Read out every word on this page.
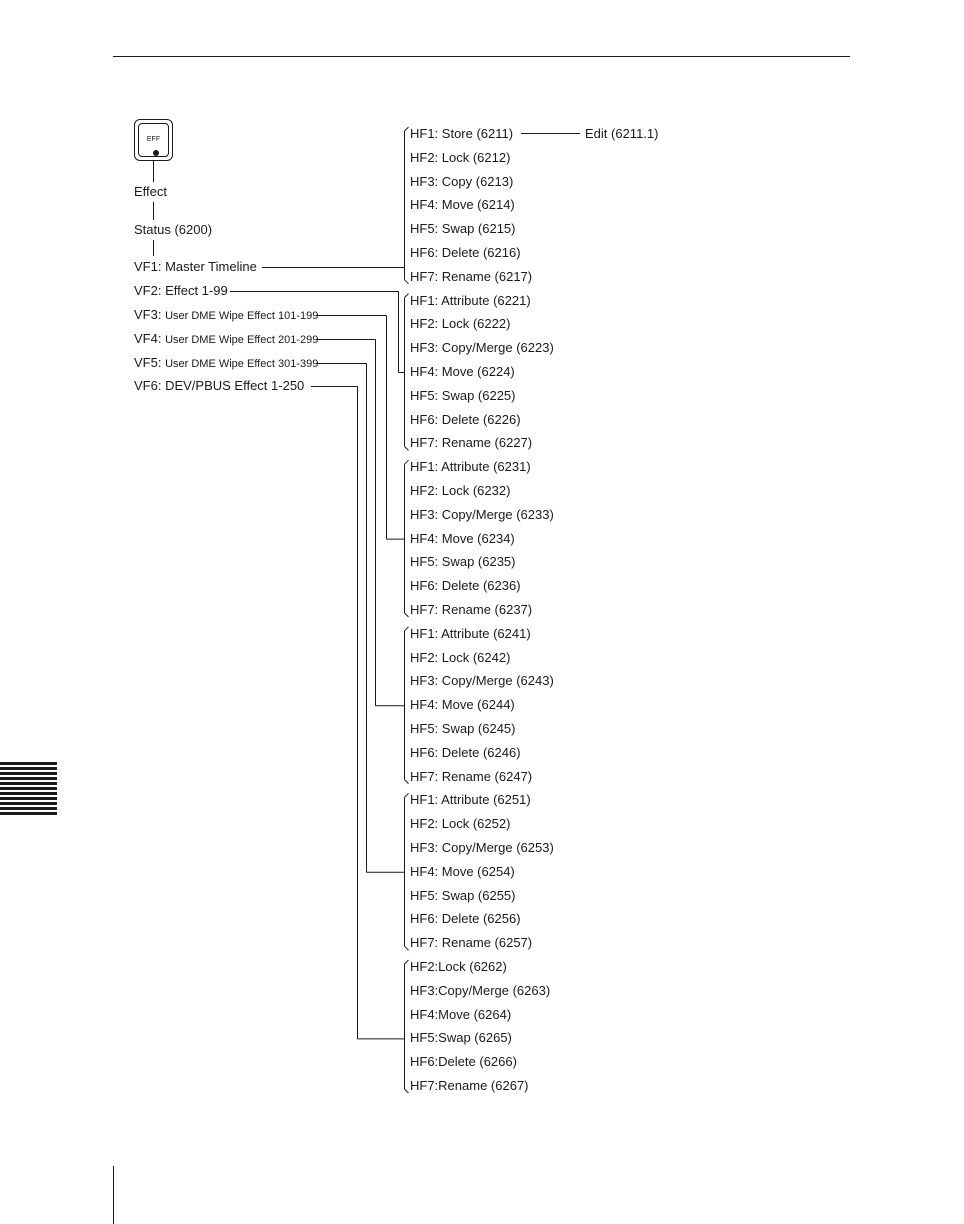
EFF
Effect
Status (6200)
VF1: Master Timeline
VF2: Effect 1-99
VF3: User DME Wipe Effect 101-199
VF4: User DME Wipe Effect 201-299
VF5: User DME Wipe Effect 301-399
VF6: DEV/PBUS Effect 1-250
HF1: Store (6211)
HF2: Lock (6212)
HF3: Copy (6213)
HF4: Move (6214)
HF5: Swap (6215)
HF6: Delete (6216)
HF7: Rename (6217)
HF1: Attribute (6221)
HF2: Lock (6222)
HF3: Copy/Merge (6223)
HF4: Move (6224)
HF5: Swap (6225)
HF6: Delete (6226)
HF7: Rename (6227)
HF1: Attribute (6231)
HF2: Lock (6232)
HF3: Copy/Merge (6233)
HF4: Move (6234)
HF5: Swap (6235)
HF6: Delete (6236)
HF7: Rename (6237)
HF1: Attribute (6241)
HF2: Lock (6242)
HF3: Copy/Merge (6243)
HF4: Move (6244)
HF5: Swap (6245)
HF6: Delete (6246)
HF7: Rename (6247)
HF1: Attribute (6251)
HF2: Lock (6252)
HF3: Copy/Merge (6253)
HF4: Move (6254)
HF5: Swap (6255)
HF6: Delete (6256)
HF7: Rename (6257)
HF2:Lock (6262)
HF3:Copy/Merge (6263)
HF4:Move (6264)
HF5:Swap (6265)
HF6:Delete (6266)
HF7:Rename (6267)
Edit (6211.1)
